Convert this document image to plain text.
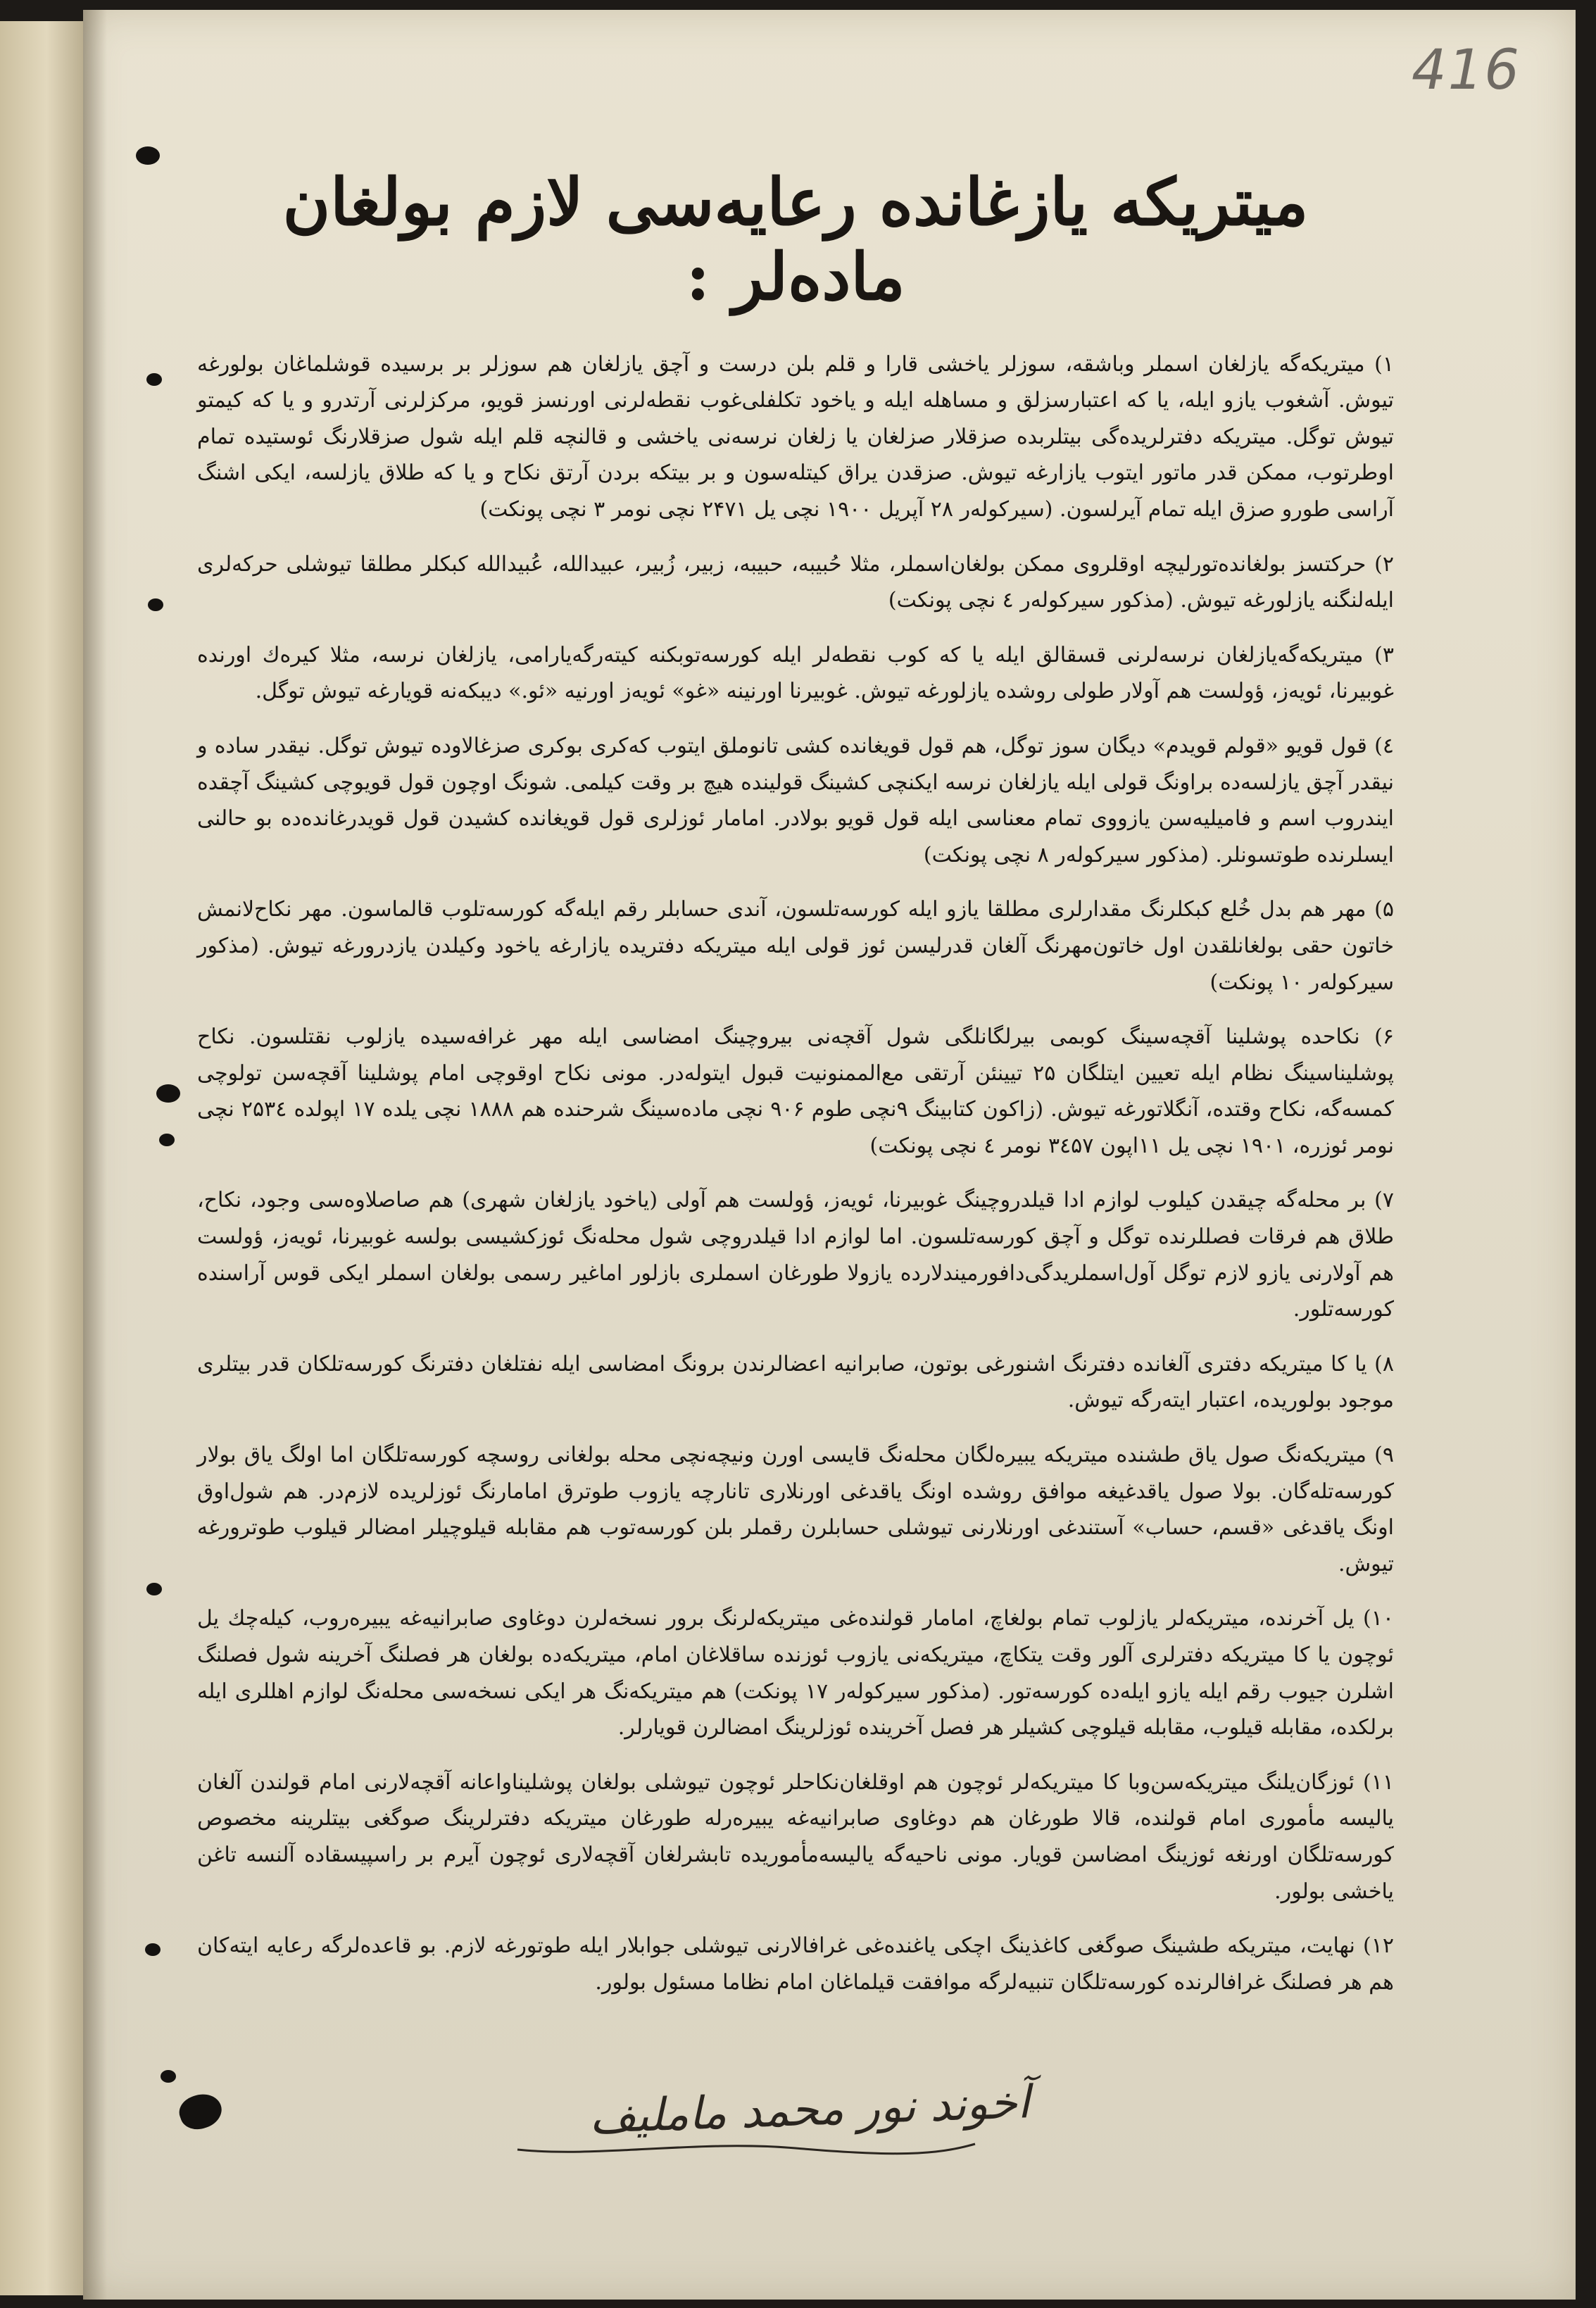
416
میتریکه یازغانده رعایه‌سی لازم بولغان ماده‌لر :

۱) میتریکه‌گه یازلغان اسملر وباشقه، سوزلر یاخشی قارا و قلم بلن درست و آچق یازلغان هم سوزلر بر برسیده قوشلماغان بولورغه تیوش. آشغوب یازو ایله، یا که اعتبارسزلق و مساهله ایله و یاخود تکلفلی‌غوب نقطه‌لرنی اورنسز قویو، مرکزلرنی آرتدرو و یا که کیمتو تیوش توگل. میتریکه دفترلریده‌گی بیتلربده صزقلار صزلغان یا زلغان نرسه‌نی یاخشی و قالنچه قلم ایله شول صزقلارنگ ئوستیده تمام اوطرتوب، ممکن قدر ماتور ایتوب یازارغه تیوش. صزقدن یراق کیتله‌سون و بر بیتکه بردن آرتق نکاح و یا که طلاق یازلسه، ایکی اشنگ آراسی طورو صزق ایله تمام آیرلسون. (سیرکوله‌ر ۲۸ آپریل ۱۹۰۰ نچی یل ۲۴۷۱ نچی نومر ۳ نچی پونکت)

۲) حرکتسز بولغانده‌تورلیچه اوقلروی ممکن بولغان‌اسملر، مثلا حُبیبه، حبیبه، زبیر، زُبیر، عبیدالله، عُبیدالله کبکلر مطلقا تیوشلی حرکه‌لری ایله‌لنگنه یازلورغه تیوش. (مذکور سیرکوله‌ر ٤ نچی پونکت)

۳) میتریکه‌گه‌یازلغان نرسه‌لرنی قسقالق ایله یا که کوب نقطه‌لر ایله کورسه‌توبکنه کیته‌رگه‌یارامی، یازلغان نرسه، مثلا کیره‌ك اورنده غوبیرنا، ئویه‌ز، ؤولست هم آولار طولی روشده یازلورغه تیوش. غوبیرنا اورنینه «غو» ئویه‌ز اورنیه «ئو.» دیبکه‌نه قویارغه تیوش توگل.

٤) قول قویو «قولم قویدم» دیگان سوز توگل، هم قول قویغانده کشی تانوملق ایتوب که‌کری بوکری صزغالاوده تیوش توگل. نیقدر ساده و نیقدر آچق یازلسه‌ده براونگ قولی ایله یازلغان نرسه ایکنچی کشینگ قولینده هیچ بر وقت کیلمی. شونگ اوچون قول قویوچی کشینگ آچقده ایندروب اسم و فامیلیه‌سن یازووی تمام معناسی ایله قول قویو بولادر. امامار ئوزلری قول قویغانده کشیدن قول قویدرغانده‌ده بو حالنی ایسلرنده طوتسونلر. (مذکور سیرکوله‌ر ۸ نچی پونکت)

۵) مهر هم بدل خُلع کبکلرنگ مقدارلری مطلقا یازو ایله کورسه‌تلسون، آندی حسابلر رقم ایله‌گه کورسه‌تلوب قالماسون. مهر نکاح‌لانمش خاتون حقی بولغانلقدن اول خاتون‌مهرنگ آلغان قدرلیسن ئوز قولی ایله میتریکه دفتریده یازارغه یاخود وکیلدن یازدرورغه تیوش. (مذکور سیرکوله‌ر ۱۰ پونکت)

۶) نکاحده پوشلینا آقچه‌سینگ کوبمی بیرلگانلگی شول آقچه‌نی بیروچینگ امضاسی ایله مهر غرافه‌سیده یازلوب نقتلسون. نکاح پوشلیناسینگ نظام ایله تعیین ایتلگان ۲۵ تیینئن آرتقی مع‌الممنونیت قبول ایتوله‌در. مونی نکاح اوقوچی امام پوشلینا آقچه‌سن تولوچی کمسه‌گه، نکاح وقتده، آنگلاتورغه تیوش. (زاکون کتابینگ ۹نچی طوم ۹۰۶ نچی ماده‌سینگ شرحنده هم ۱۸۸۸ نچی یلده ۱۷ اپولده ۲۵۳٤ نچی نومر ئوزره، ۱۹۰۱ نچی یل ۱۱اپون ۳٤۵۷ نومر ٤ نچی پونکت)

۷) بر محله‌گه چیقدن کیلوب لوازم ادا قیلدروچینگ غوبیرنا، ئویه‌ز، ؤولست هم آولی (یاخود یازلغان شهری) هم صاصلاوه‌سی وجود، نکاح، طلاق هم فرقات فصللرنده توگل و آچق کورسه‌تلسون. اما لوازم ادا قیلدروچی شول محله‌نگ ئوزکشیسی بولسه غوبیرنا، ئویه‌ز، ؤولست هم آولارنی یازو لازم توگل آول‌اسملریدگی‌دافورمیندلارده یازولا طورغان اسملری بازلور اماغیر رسمی بولغان اسملر ایکی قوس آراسنده کورسه‌تلور.

۸) یا کا میتریکه دفتری آلغانده دفترنگ اشنورغی بوتون، صابرانیه اعضالرندن برونگ امضاسی ایله نفتلغان دفترنگ کورسه‌تلکان قدر بیتلری موجود بولوریده، اعتبار ایته‌رگه تیوش.

۹) میتریکه‌نگ صول یاق طشنده میتریکه یبیره‌لگان محله‌نگ قایسی اورن ونیچه‌نچی محله بولغانی روسچه کورسه‌تلگان اما اولگ یاق بولار کورسه‌تله‌گان. بولا صول یاقدغیغه موافق روشده اونگ یاقدغی اورنلاری تانارچه یازوب طوترق امامارنگ ئوزلریده لازم‌در. هم شول‌اوق اونگ یاقدغی «قسم، حساب» آستندغی اورنلارنی تیوشلی حسابلرن رقملر بلن کورسه‌توب هم مقابله قیلوچیلر امضالر قیلوب طوترورغه تیوش.

۱۰) یل آخرنده، میتریکه‌لر یازلوب تمام بولغاچ، امامار قولنده‌غی میتریکه‌لرنگ بر‌ور نسخه‌لرن دوغاوی صابرانیه‌غه یبیره‌روب، کیله‌چك یل ئوچون یا کا میتریکه دفترلری آلور وقت یتکاچ، میتریکه‌نی یازوب ئوزنده ساقلاغان امام، میتریکه‌ده بولغان هر فصلنگ آخرینه شول فصلنگ اشلرن جیوب رقم ایله یازو ایله‌ده کورسه‌تور. (مذکور سیرکوله‌ر ۱۷ پونکت) هم میتریکه‌نگ هر ایکی نسخه‌سی محله‌نگ لوازم اهللری ایله برلکده، مقابله قیلوب، مقابله قیلوچی کشیلر هر فصل آخرینده ئوزلرینگ امضالرن قویارلر.

۱۱) ئوزگان‌یلنگ میتریکه‌سن‌وبا کا میتریکه‌لر ئوچون هم اوقلغان‌نکاحلر ئوچون تیوشلی بولغان پوشلیناواعانه آقچه‌لارنی امام قولندن آلغان یالیسه مأموری امام قولنده، قالا طورغان هم دوغاوی صابرانیه‌غه یبیره‌رله طورغان میتریکه دفترلرینگ صوگغی بیتلرینه مخصوص کورسه‌تلگان اورنغه ئوزینگ امضاسن قویار. مونی ناحیه‌گه یالیسه‌مأموریده تابشرلغان آقچه‌لاری ئوچون آیرم بر راسپیسقاده آلنسه تاغن یاخشی بولور.

۱۲) نهایت، میتریکه طشینگ صوگغی کاغذینگ اچکی یاغنده‌غی غرافالارنی تیوشلی جوابلار ایله طوتورغه لازم. بو قاعده‌لرگه رعایه ایته‌کان هم هر فصلنگ غرافالرنده کورسه‌تلگان تنبیه‌لرگه موافقت قیلماغان امام نظاما مسئول بولور.

آخوند نور محمد ماملیف
